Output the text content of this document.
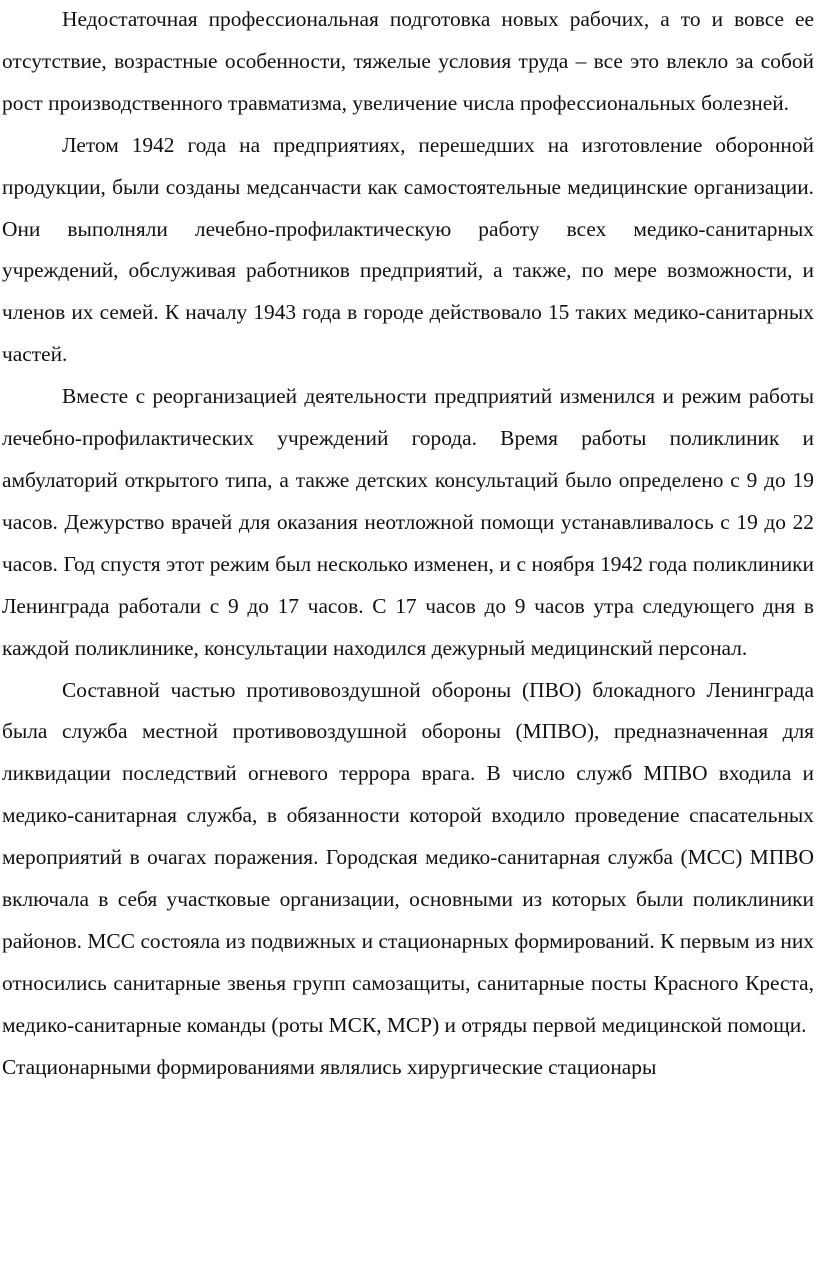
Недостаточная профессиональная подготовка новых рабочих, а то и вовсе ее отсутствие, возрастные особенности, тяжелые условия труда – все это влекло за собой рост производственного травматизма, увеличение числа профессиональных болезней.

Летом 1942 года на предприятиях, перешедших на изготовление оборонной продукции, были созданы медсанчасти как самостоятельные медицинские организации. Они выполняли лечебно-профилактическую работу всех медико-санитарных учреждений, обслуживая работников предприятий, а также, по мере возможности, и членов их семей. К началу 1943 года в городе действовало 15 таких медико-санитарных частей.

Вместе с реорганизацией деятельности предприятий изменился и режим работы лечебно-профилактических учреждений города. Время работы поликлиник и амбулаторий открытого типа, а также детских консультаций было определено с 9 до 19 часов. Дежурство врачей для оказания неотложной помощи устанавливалось с 19 до 22 часов. Год спустя этот режим был несколько изменен, и с ноября 1942 года поликлиники Ленинграда работали с 9 до 17 часов. С 17 часов до 9 часов утра следующего дня в каждой поликлинике, консультации находился дежурный медицинский персонал.

Составной частью противовоздушной обороны (ПВО) блокадного Ленинграда была служба местной противовоздушной обороны (МПВО), предназначенная для ликвидации последствий огневого террора врага. В число служб МПВО входила и медико-санитарная служба, в обязанности которой входило проведение спасательных мероприятий в очагах поражения. Городская медико-санитарная служба (МСС) МПВО включала в себя участковые организации, основными из которых были поликлиники районов. МСС состояла из подвижных и стационарных формирований. К первым из них относились санитарные звенья групп самозащиты, санитарные посты Красного Креста, медико-санитарные команды (роты МСК, МСР) и отряды первой медицинской помощи.

Стационарными формированиями являлись хирургические стационары
